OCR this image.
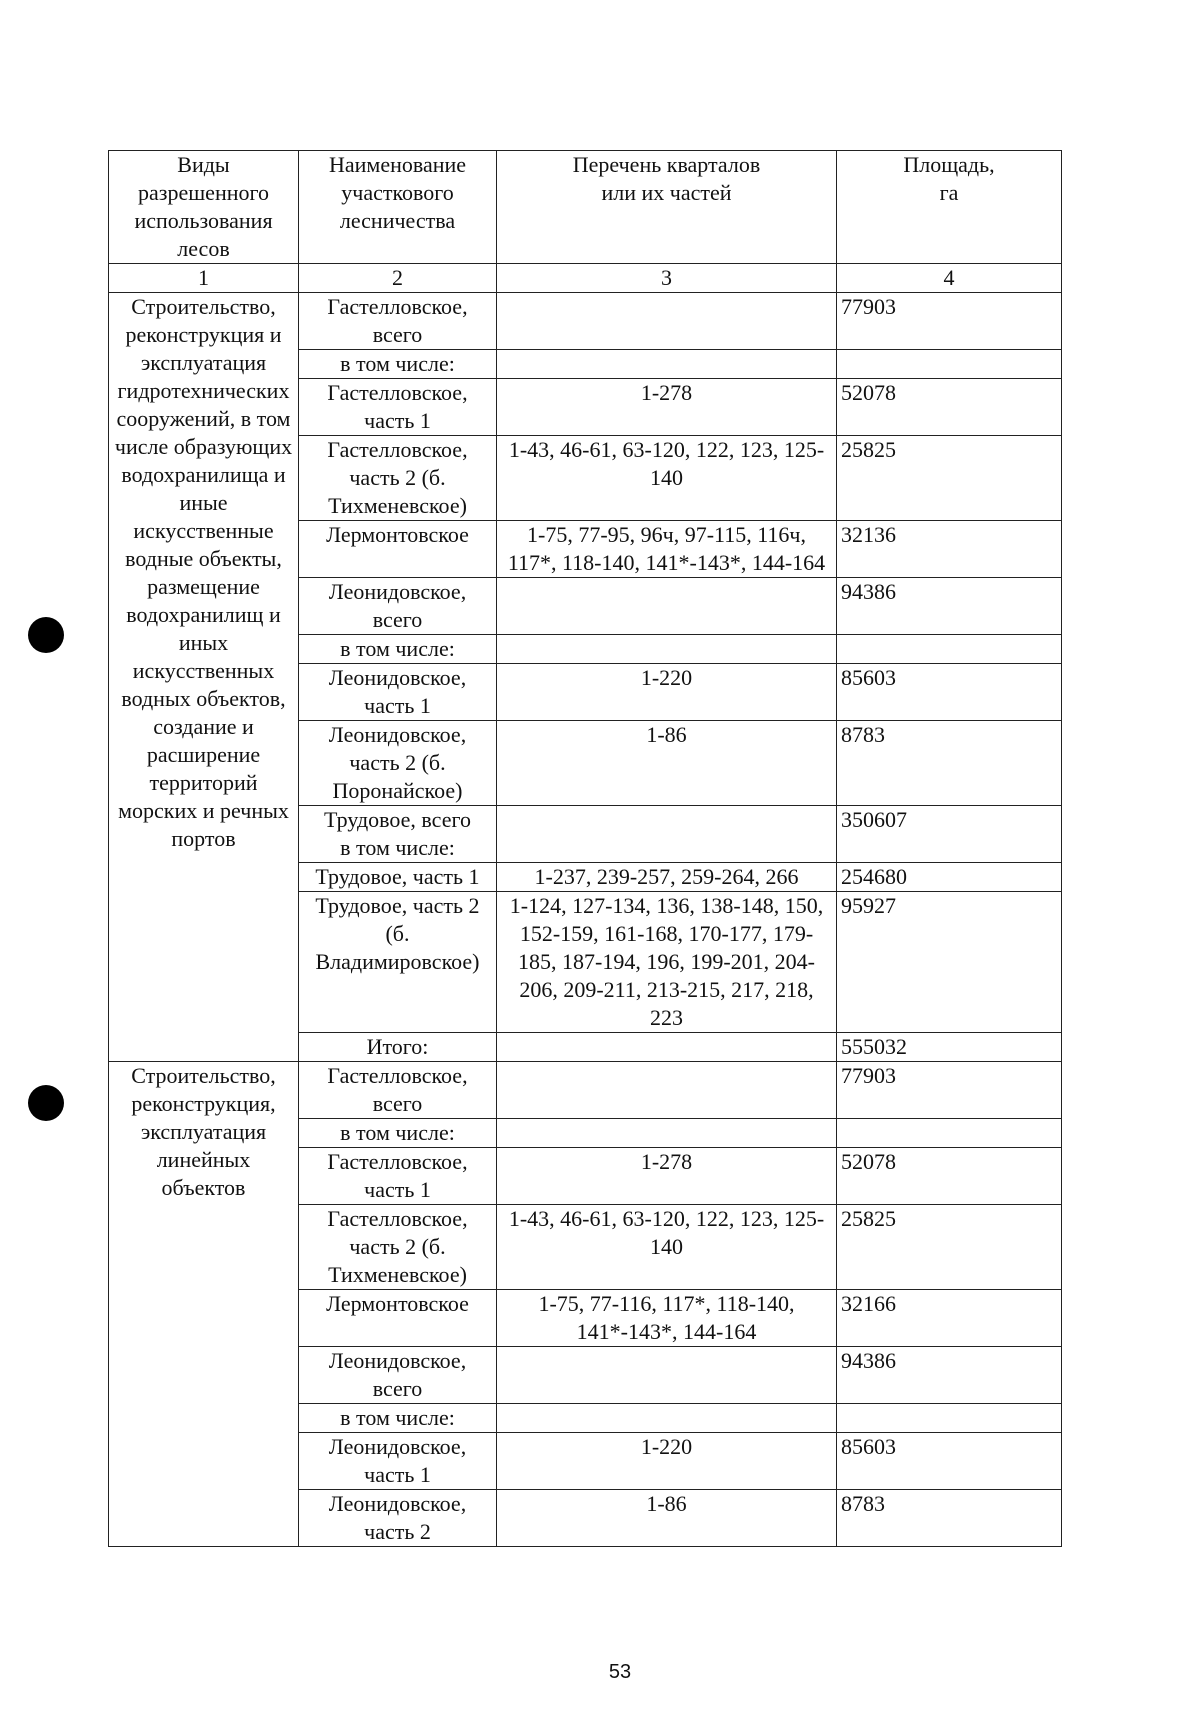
Виды разрешенного использования лесов	Наименование участкового лесничества	Перечень кварталов или их частей	Площадь, га
1	2	3	4
Строительство, реконструкция и эксплуатация гидротехнических сооружений, в том числе образующих водохранилища и иные искусственные водные объекты, размещение водохранилищ и иных искусственных водных объектов, создание и расширение территорий морских и речных портов	Гастелловское, всего		77903
	в том числе:		
	Гастелловское, часть 1	1-278	52078
	Гастелловское, часть 2 (б. Тихменевское)	1-43, 46-61, 63-120, 122, 123, 125-140	25825
	Лермонтовское	1-75, 77-95, 96ч, 97-115, 116ч, 117*, 118-140, 141*-143*, 144-164	32136
	Леонидовское, всего		94386
	в том числе:		
	Леонидовское, часть 1	1-220	85603
	Леонидовское, часть 2 (б. Поронайское)	1-86	8783
	Трудовое, всего в том числе:		350607
	Трудовое, часть 1	1-237, 239-257, 259-264, 266	254680
	Трудовое, часть 2 (б. Владимировское)	1-124, 127-134, 136, 138-148, 150, 152-159, 161-168, 170-177, 179-185, 187-194, 196, 199-201, 204-206, 209-211, 213-215, 217, 218, 223	95927
	Итого:		555032
Строительство, реконструкция, эксплуатация линейных объектов	Гастелловское, всего		77903
	в том числе:		
	Гастелловское, часть 1	1-278	52078
	Гастелловское, часть 2 (б. Тихменевское)	1-43, 46-61, 63-120, 122, 123, 125-140	25825
	Лермонтовское	1-75, 77-116, 117*, 118-140, 141*-143*, 144-164	32166
	Леонидовское, всего		94386
	в том числе:		
	Леонидовское, часть 1	1-220	85603
	Леонидовское, часть 2	1-86	8783
53
